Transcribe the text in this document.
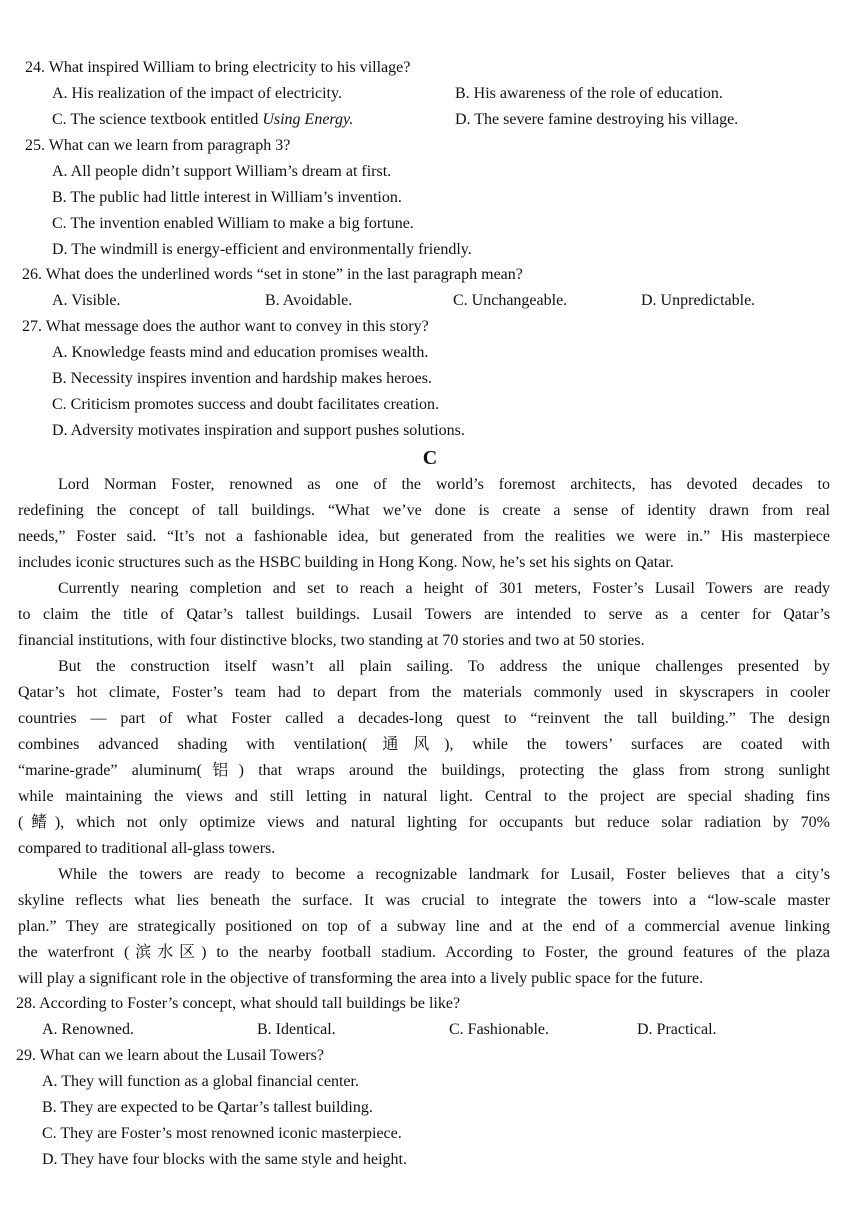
24. What inspired William to bring electricity to his village?
A. His realization of the impact of electricity.	B. His awareness of the role of education.
C. The science textbook entitled Using Energy.	D. The severe famine destroying his village.
25. What can we learn from paragraph 3?
A. All people didn’t support William’s dream at first.
B. The public had little interest in William’s invention.
C. The invention enabled William to make a big fortune.
D. The windmill is energy-efficient and environmentally friendly.
26. What does the underlined words “set in stone” in the last paragraph mean?
A. Visible.	B. Avoidable.	C. Unchangeable.	D. Unpredictable.
27. What message does the author want to convey in this story?
A. Knowledge feasts mind and education promises wealth.
B. Necessity inspires invention and hardship makes heroes.
C. Criticism promotes success and doubt facilitates creation.
D. Adversity motivates inspiration and support pushes solutions.
C
Lord Norman Foster, renowned as one of the world’s foremost architects, has devoted decades to
redefining the concept of tall buildings. “What we’ve done is create a sense of identity drawn from real
needs,” Foster said. “It’s not a fashionable idea, but generated from the realities we were in.” His masterpiece
includes iconic structures such as the HSBC building in Hong Kong. Now, he’s set his sights on Qatar.
Currently nearing completion and set to reach a height of 301 meters, Foster’s Lusail Towers are ready
to claim the title of Qatar’s tallest buildings. Lusail Towers are intended to serve as a center for Qatar’s
financial institutions, with four distinctive blocks, two standing at 70 stories and two at 50 stories.
But the construction itself wasn’t all plain sailing. To address the unique challenges presented by
Qatar’s hot climate, Foster’s team had to depart from the materials commonly used in skyscrapers in cooler
countries — part of what Foster called a decades-long quest to “reinvent the tall building.” The design
combines advanced shading with ventilation(通风), while the towers’ surfaces are coated with
“marine-grade” aluminum(铝) that wraps around the buildings, protecting the glass from strong sunlight
while maintaining the views and still letting in natural light. Central to the project are special shading fins
(鳍), which not only optimize views and natural lighting for occupants but reduce solar radiation by 70%
compared to traditional all-glass towers.
While the towers are ready to become a recognizable landmark for Lusail, Foster believes that a city’s
skyline reflects what lies beneath the surface. It was crucial to integrate the towers into a “low-scale master
plan.” They are strategically positioned on top of a subway line and at the end of a commercial avenue linking
the waterfront (滨水区) to the nearby football stadium. According to Foster, the ground features of the plaza
will play a significant role in the objective of transforming the area into a lively public space for the future.
28. According to Foster’s concept, what should tall buildings be like?
A. Renowned.	B. Identical.	C. Fashionable.	D. Practical.
29. What can we learn about the Lusail Towers?
A. They will function as a global financial center.
B. They are expected to be Qartar’s tallest building.
C. They are Foster’s most renowned iconic masterpiece.
D. They have four blocks with the same style and height.
